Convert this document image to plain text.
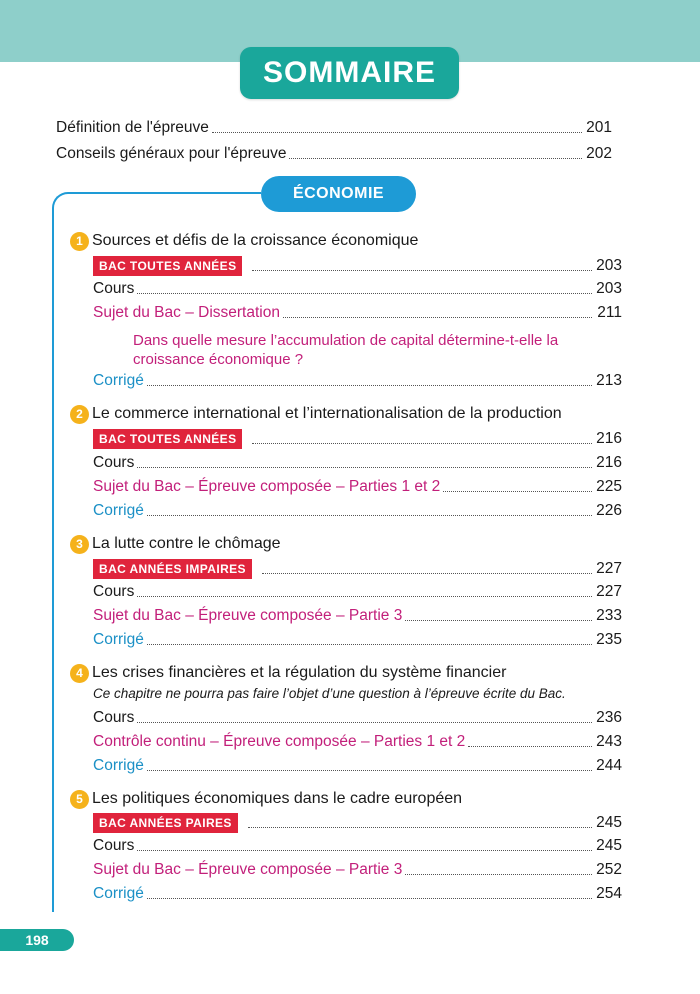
SOMMAIRE
Définition de l'épreuve	201
Conseils généraux pour l'épreuve	202
ÉCONOMIE
1 Sources et défis de la croissance économique
BAC TOUTES ANNÉES	203
Cours	203
Sujet du Bac – Dissertation	211
Dans quelle mesure l’accumulation de capital détermine-t-elle la croissance économique ?
Corrigé	213
2 Le commerce international et l’internationalisation de la production
BAC TOUTES ANNÉES	216
Cours	216
Sujet du Bac – Épreuve composée – Parties 1 et 2	225
Corrigé	226
3 La lutte contre le chômage
BAC ANNÉES IMPAIRES	227
Cours	227
Sujet du Bac – Épreuve composée – Partie 3	233
Corrigé	235
4 Les crises financières et la régulation du système financier
Ce chapitre ne pourra pas faire l’objet d’une question à l’épreuve écrite du Bac.
Cours	236
Contrôle continu – Épreuve composée – Parties 1 et 2	243
Corrigé	244
5 Les politiques économiques dans le cadre européen
BAC ANNÉES PAIRES	245
Cours	245
Sujet du Bac – Épreuve composée – Partie 3	252
Corrigé	254
198
